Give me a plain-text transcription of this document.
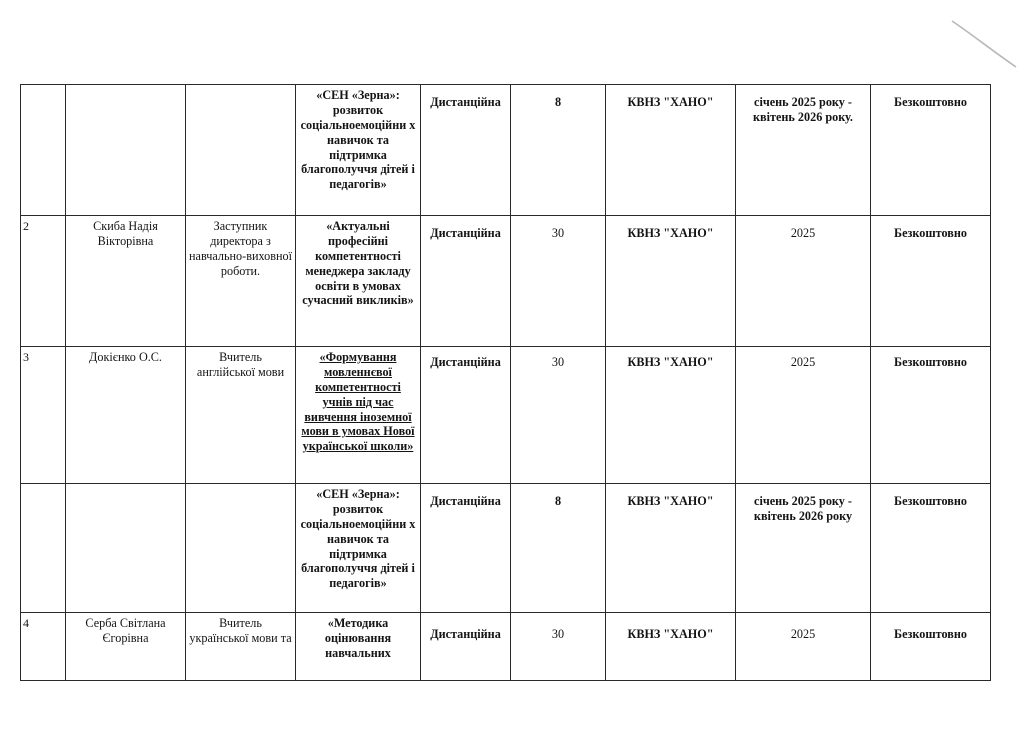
			«СЕН «Зерна»: розвиток соціальноемоційни х навичок та підтримка благополуччя дітей і педагогів»	Дистанційна	8	КВНЗ "ХАНО"	січень 2025 року - квітень 2026 року.	Безкоштовно
2	Скиба Надія Вікторівна	Заступник директора з навчально-виховної роботи.	«Актуальні професійні компетентності менеджера закладу освіти в умовах сучасний викликів»	Дистанційна	30	КВНЗ "ХАНО"	2025	Безкоштовно
3	Докієнко О.С.	Вчитель англійської мови	«Формування мовленнєвої компетентності учнів під час вивчення іноземної мови в умовах Нової української школи»	Дистанційна	30	КВНЗ "ХАНО"	2025	Безкоштовно
			«СЕН «Зерна»: розвиток соціальноемоційни х навичок та підтримка благополуччя дітей і педагогів»	Дистанційна	8	КВНЗ "ХАНО"	січень 2025 року - квітень 2026 року	Безкоштовно
4	Серба Світлана Єгорівна	Вчитель української мови та	«Методика оцінювання навчальних	Дистанційна	30	КВНЗ "ХАНО"	2025	Безкоштовно
